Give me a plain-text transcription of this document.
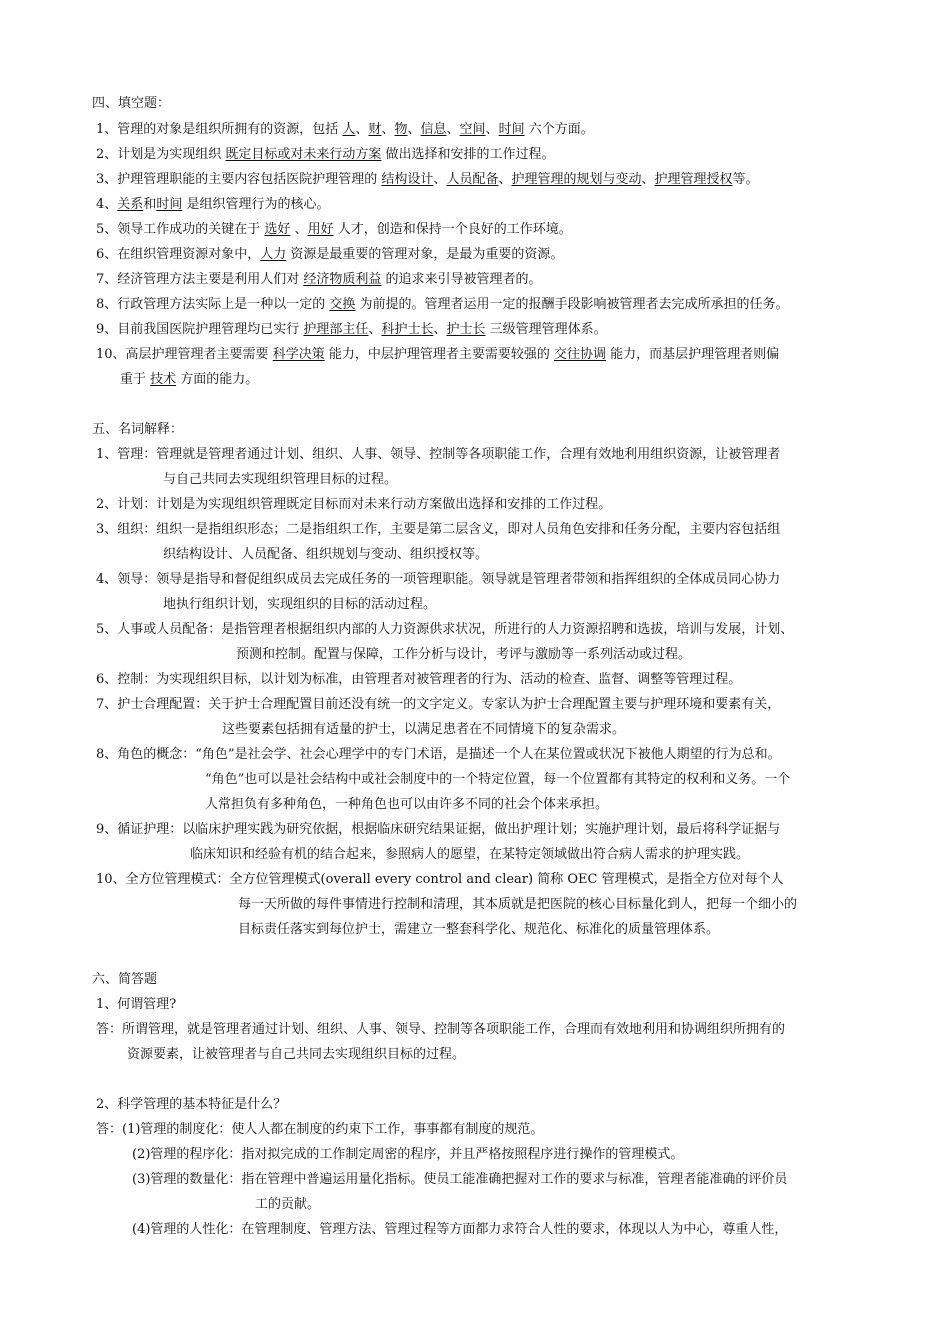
四、填空题：
1、管理的对象是组织所拥有的资源，包括 人、财、物、信息、空间、时间 六个方面。
2、计划是为实现组织 既定目标或对未来行动方案 做出选择和安排的工作过程。
3、护理管理职能的主要内容包括医院护理管理的 结构设计、人员配备、护理管理的规划与变动、护理管理授权等。
4、关系和时间 是组织管理行为的核心。
5、领导工作成功的关键在于 选好 、用好 人才，创造和保持一个良好的工作环境。
6、在组织管理资源对象中，人力 资源是最重要的管理对象，是最为重要的资源。
7、经济管理方法主要是利用人们对 经济物质利益 的追求来引导被管理者的。
8、行政管理方法实际上是一种以一定的 交换 为前提的。管理者运用一定的报酬手段影响被管理者去完成所承担的任务。
9、目前我国医院护理管理均已实行 护理部主任、科护士长、护士长 三级管理管理体系。
10、高层护理管理者主要需要 科学决策 能力，中层护理管理者主要需要较强的 交往协调 能力，而基层护理管理者则偏
重于 技术 方面的能力。
五、名词解释：
1、管理：管理就是管理者通过计划、组织、人事、领导、控制等各项职能工作，合理有效地利用组织资源，让被管理者
与自己共同去实现组织管理目标的过程。
2、计划：计划是为实现组织管理既定目标而对未来行动方案做出选择和安排的工作过程。
3、组织：组织一是指组织形态；二是指组织工作，主要是第二层含义，即对人员角色安排和任务分配，主要内容包括组
织结构设计、人员配备、组织规划与变动、组织授权等。
4、领导：领导是指导和督促组织成员去完成任务的一项管理职能。领导就是管理者带领和指挥组织的全体成员同心协力
地执行组织计划，实现组织的目标的活动过程。
5、人事或人员配备：是指管理者根据组织内部的人力资源供求状况，所进行的人力资源招聘和选拔，培训与发展，计划、
预测和控制。配置与保障，工作分析与设计，考评与激励等一系列活动或过程。
6、控制：为实现组织目标，以计划为标准，由管理者对被管理者的行为、活动的检查、监督、调整等管理过程。
7、护士合理配置：关于护士合理配置目前还没有统一的文字定义。专家认为护士合理配置主要与护理环境和要素有关，
这些要素包括拥有适量的护士，以满足患者在不同情境下的复杂需求。
8、角色的概念：“角色”是社会学、社会心理学中的专门术语，是描述一个人在某位置或状况下被他人期望的行为总和。
“角色”也可以是社会结构中或社会制度中的一个特定位置，每一个位置都有其特定的权利和义务。一个
人常担负有多种角色，一种角色也可以由许多不同的社会个体来承担。
9、循证护理：以临床护理实践为研究依据，根据临床研究结果证据，做出护理计划；实施护理计划，最后将科学证据与
临床知识和经验有机的结合起来，参照病人的愿望，在某特定领域做出符合病人需求的护理实践。
10、全方位管理模式：全方位管理模式(overall every control and clear) 简称 OEC 管理模式，是指全方位对每个人
每一天所做的每件事情进行控制和清理，其本质就是把医院的核心目标量化到人，把每一个细小的
目标责任落实到每位护士，需建立一整套科学化、规范化、标准化的质量管理体系。
六、简答题
1、何谓管理?
答：所谓管理，就是管理者通过计划、组织、人事、领导、控制等各项职能工作，合理而有效地利用和协调组织所拥有的
资源要素，让被管理者与自己共同去实现组织目标的过程。
2、科学管理的基本特征是什么？
答：(1)管理的制度化：使人人都在制度的约束下工作，事事都有制度的规范。
(2)管理的程序化：指对拟完成的工作制定周密的程序，并且严格按照程序进行操作的管理模式。
(3)管理的数量化：指在管理中普遍运用量化指标。使员工能准确把握对工作的要求与标准，管理者能准确的评价员
工的贡献。
(4)管理的人性化：在管理制度、管理方法、管理过程等方面都力求符合人性的要求，体现以人为中心，尊重人性，
